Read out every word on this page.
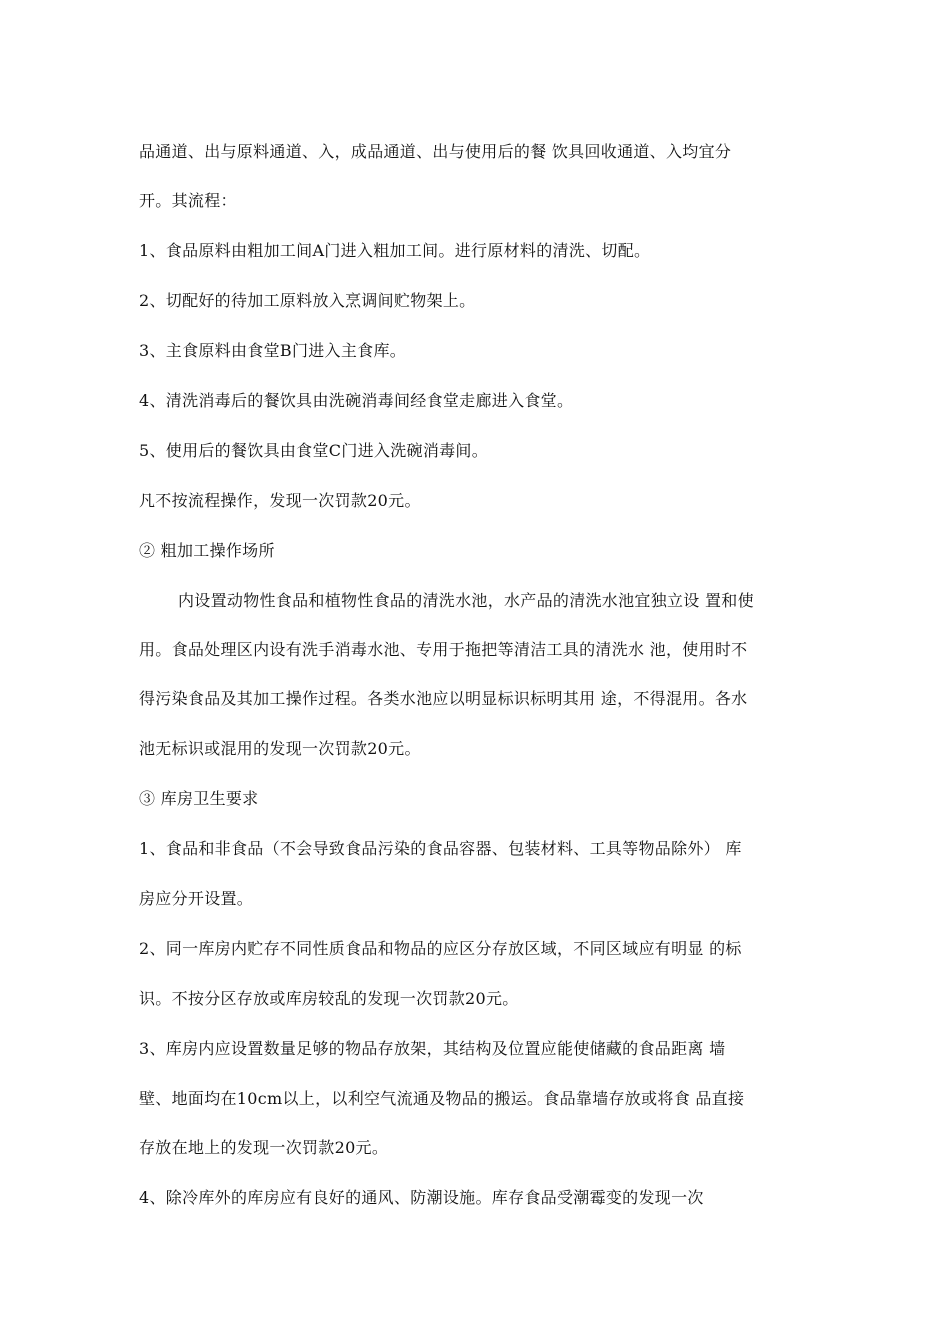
品通道、出与原料通道、入，成品通道、出与使用后的餐 饮具回收通道、入均宜分
开。其流程：
1、食品原料由粗加工间A门进入粗加工间。进行原材料的清洗、切配。
2、切配好的待加工原料放入烹调间贮物架上。
3、主食原料由食堂B门进入主食库。
4、清洗消毒后的餐饮具由洗碗消毒间经食堂走廊进入食堂。
5、使用后的餐饮具由食堂C门进入洗碗消毒间。
凡不按流程操作，发现一次罚款20元。
② 粗加工操作场所
内设置动物性食品和植物性食品的清洗水池，水产品的清洗水池宜独立设 置和使
用。食品处理区内设有洗手消毒水池、专用于拖把等清洁工具的清洗水 池，使用时不
得污染食品及其加工操作过程。各类水池应以明显标识标明其用 途，不得混用。各水
池无标识或混用的发现一次罚款20元。
③ 库房卫生要求
1、食品和非食品（不会导致食品污染的食品容器、包装材料、工具等物品除外） 库
房应分开设置。
2、同一库房内贮存不同性质食品和物品的应区分存放区域，不同区域应有明显 的标
识。不按分区存放或库房较乱的发现一次罚款20元。
3、库房内应设置数量足够的物品存放架，其结构及位置应能使储藏的食品距离 墙
壁、地面均在10cm以上，以利空气流通及物品的搬运。食品靠墙存放或将食 品直接
存放在地上的发现一次罚款20元。
4、除冷库外的库房应有良好的通风、防潮设施。库存食品受潮霉变的发现一次
